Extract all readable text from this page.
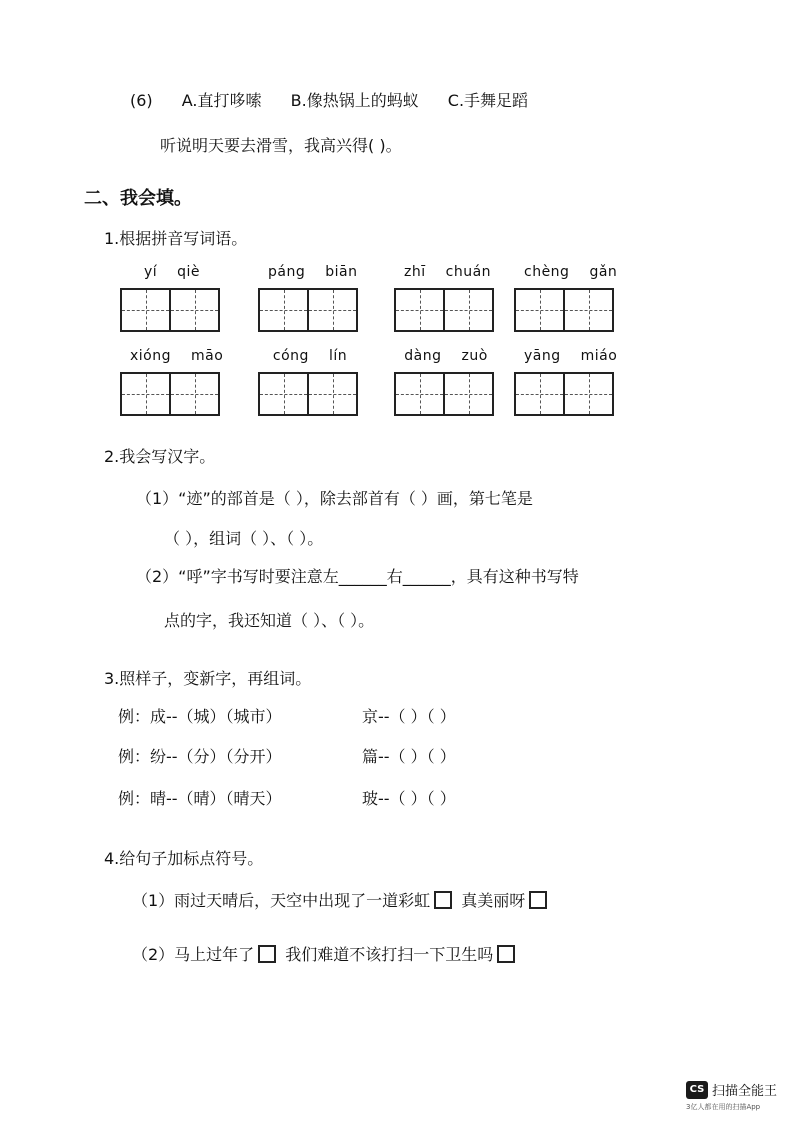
(6) A.直打哆嗦 B.像热锅上的蚂蚁 C.手舞足蹈
听说明天要去滑雪，我高兴得( )。
二、我会填。
1.根据拼音写词语。
yí qiè	páng biān	zhī chuán	chèng gǎn
xióng māo	cóng lín	dàng zuò	yāng miáo
2.我会写汉字。
（1）“迹”的部首是（ ），除去部首有（ ）画，第七笔是
（ ），组词（ ）、（ ）。
（2）“呼”字书写时要注意左______右______，具有这种书写特
点的字，我还知道（ ）、（ ）。
3.照样子，变新字，再组词。
例：成--（城）（城市）	京--（ ）（ ）
例：纷--（分）（分开）	篇--（ ）（ ）
例：晴--（晴）（晴天）	玻--（ ）（ ）
4.给句子加标点符号。
（1）雨过天晴后，天空中出现了一道彩虹 真美丽呀
（2）马上过年了 我们难道不该打扫一下卫生吗
CS 扫描全能王
3亿人都在用的扫描App
